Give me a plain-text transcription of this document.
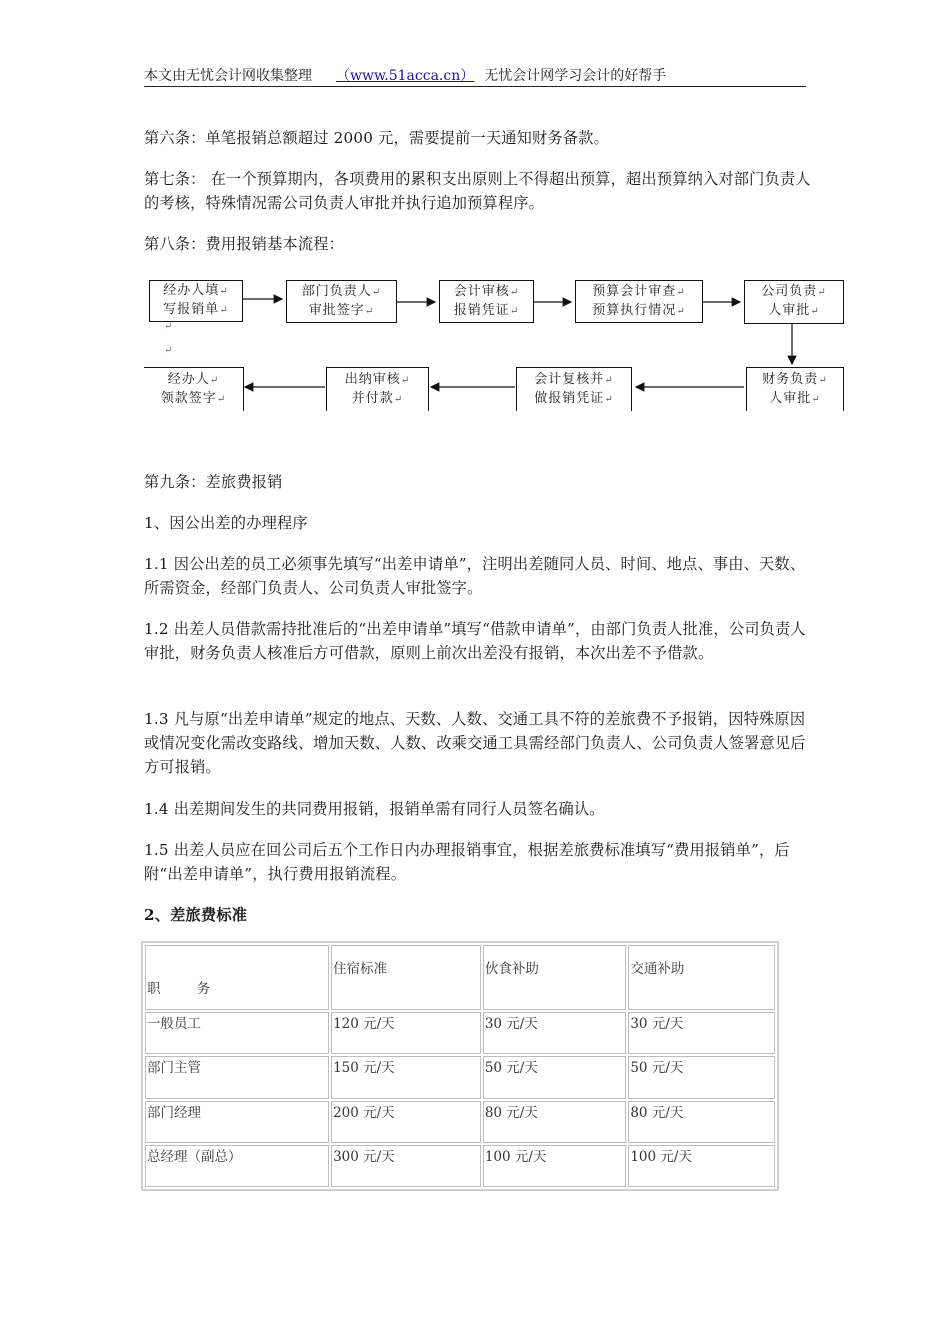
本文由无忧会计网收集整理 （www.51acca.cn） 无忧会计网学习会计的好帮手
第六条：单笔报销总额超过 2000 元，需要提前一天通知财务备款。
第七条： 在一个预算期内，各项费用的累积支出原则上不得超出预算，超出预算纳入对部门负责人的考核，特殊情况需公司负责人审批并执行追加预算程序。
第八条：费用报销基本流程：
经办人填↵
写报销单↵
部门负责人↵
审批签字↵
会计审核↵
报销凭证↵
预算会计审查↵
预算执行情况↵
公司负责↵
人审批↵
↵
↵
财务负责↵
人审批↵
会计复核并↵
做报销凭证↵
出纳审核↵
并付款↵
经办人↵
领款签字↵
第九条：差旅费报销
1、因公出差的办理程序
1.1 因公出差的员工必须事先填写“出差申请单”，注明出差随同人员、时间、地点、事由、天数、所需资金，经部门负责人、公司负责人审批签字。
1.2 出差人员借款需持批准后的“出差申请单”填写“借款申请单”，由部门负责人批准，公司负责人审批，财务负责人核准后方可借款，原则上前次出差没有报销，本次出差不予借款。
1.3 凡与原“出差申请单”规定的地点、天数、人数、交通工具不符的差旅费不予报销，因特殊原因或情况变化需改变路线、增加天数、人数、改乘交通工具需经部门负责人、公司负责人签署意见后方可报销。
1.4 出差期间发生的共同费用报销，报销单需有同行人员签名确认。
1.5 出差人员应在回公司后五个工作日内办理报销事宜，根据差旅费标准填写“费用报销单”，后附“出差申请单”，执行费用报销流程。
2、差旅费标准
职 务	住宿标准	伙食补助	交通补助
一般员工	120 元/天	30 元/天	30 元/天
部门主管	150 元/天	50 元/天	50 元/天
部门经理	200 元/天	80 元/天	80 元/天
总经理（副总）	300 元/天	100 元/天	100 元/天
